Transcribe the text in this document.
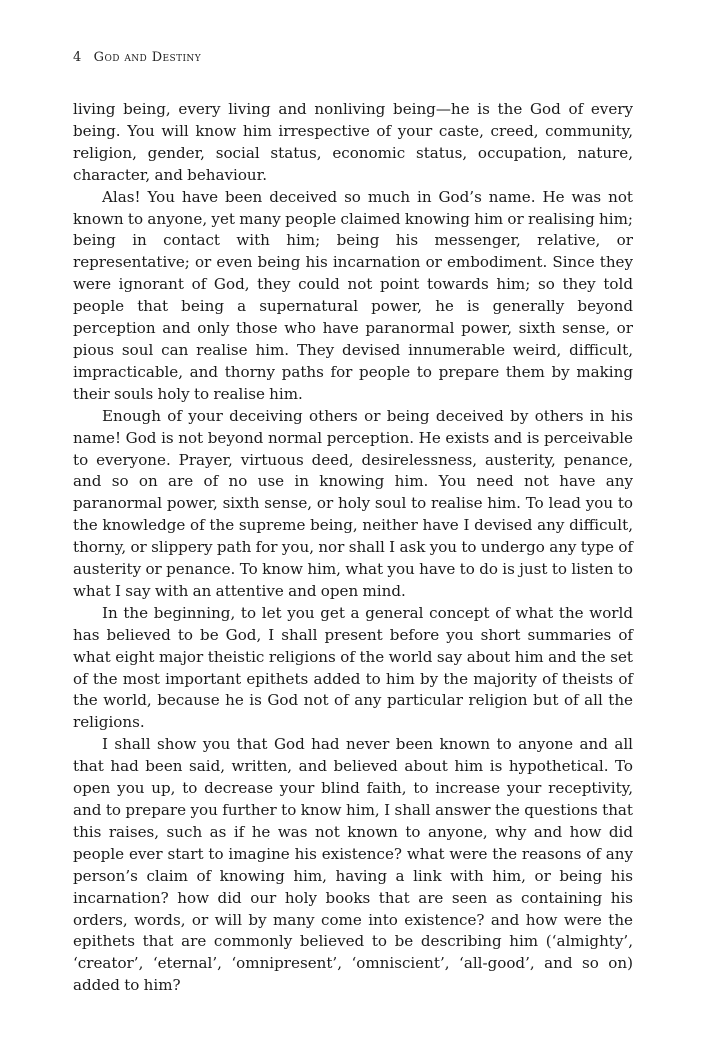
4 God and Destiny

living being, every living and nonliving being—he is the God of every being. You will know him irrespective of your caste, creed, community, religion, gender, social status, economic status, occupation, nature, character, and behaviour.

Alas! You have been deceived so much in God’s name. He was not known to anyone, yet many people claimed knowing him or realising him; being in contact with him; being his messenger, relative, or representative; or even being his incarnation or embodiment. Since they were ignorant of God, they could not point towards him; so they told people that being a supernatural power, he is generally beyond perception and only those who have paranormal power, sixth sense, or pious soul can realise him. They devised innumerable weird, difficult, impracticable, and thorny paths for people to prepare them by making their souls holy to realise him.

Enough of your deceiving others or being deceived by others in his name! God is not beyond normal perception. He exists and is perceivable to everyone. Prayer, virtuous deed, desirelessness, austerity, penance, and so on are of no use in knowing him. You need not have any paranormal power, sixth sense, or holy soul to realise him. To lead you to the knowledge of the supreme being, neither have I devised any difficult, thorny, or slippery path for you, nor shall I ask you to undergo any type of austerity or penance. To know him, what you have to do is just to listen to what I say with an attentive and open mind.

In the beginning, to let you get a general concept of what the world has believed to be God, I shall present before you short summaries of what eight major theistic religions of the world say about him and the set of the most important epithets added to him by the majority of theists of the world, because he is God not of any particular religion but of all the religions.

I shall show you that God had never been known to anyone and all that had been said, written, and believed about him is hypothetical. To open you up, to decrease your blind faith, to increase your receptivity, and to prepare you further to know him, I shall answer the questions that this raises, such as if he was not known to anyone, why and how did people ever start to imagine his existence? what were the reasons of any person’s claim of knowing him, having a link with him, or being his incarnation? how did our holy books that are seen as containing his orders, words, or will by many come into existence? and how were the epithets that are commonly believed to be describing him (‘almighty’, ‘creator’, ‘eternal’, ‘omnipresent’, ‘omniscient’, ‘all-good’, and so on) added to him?
